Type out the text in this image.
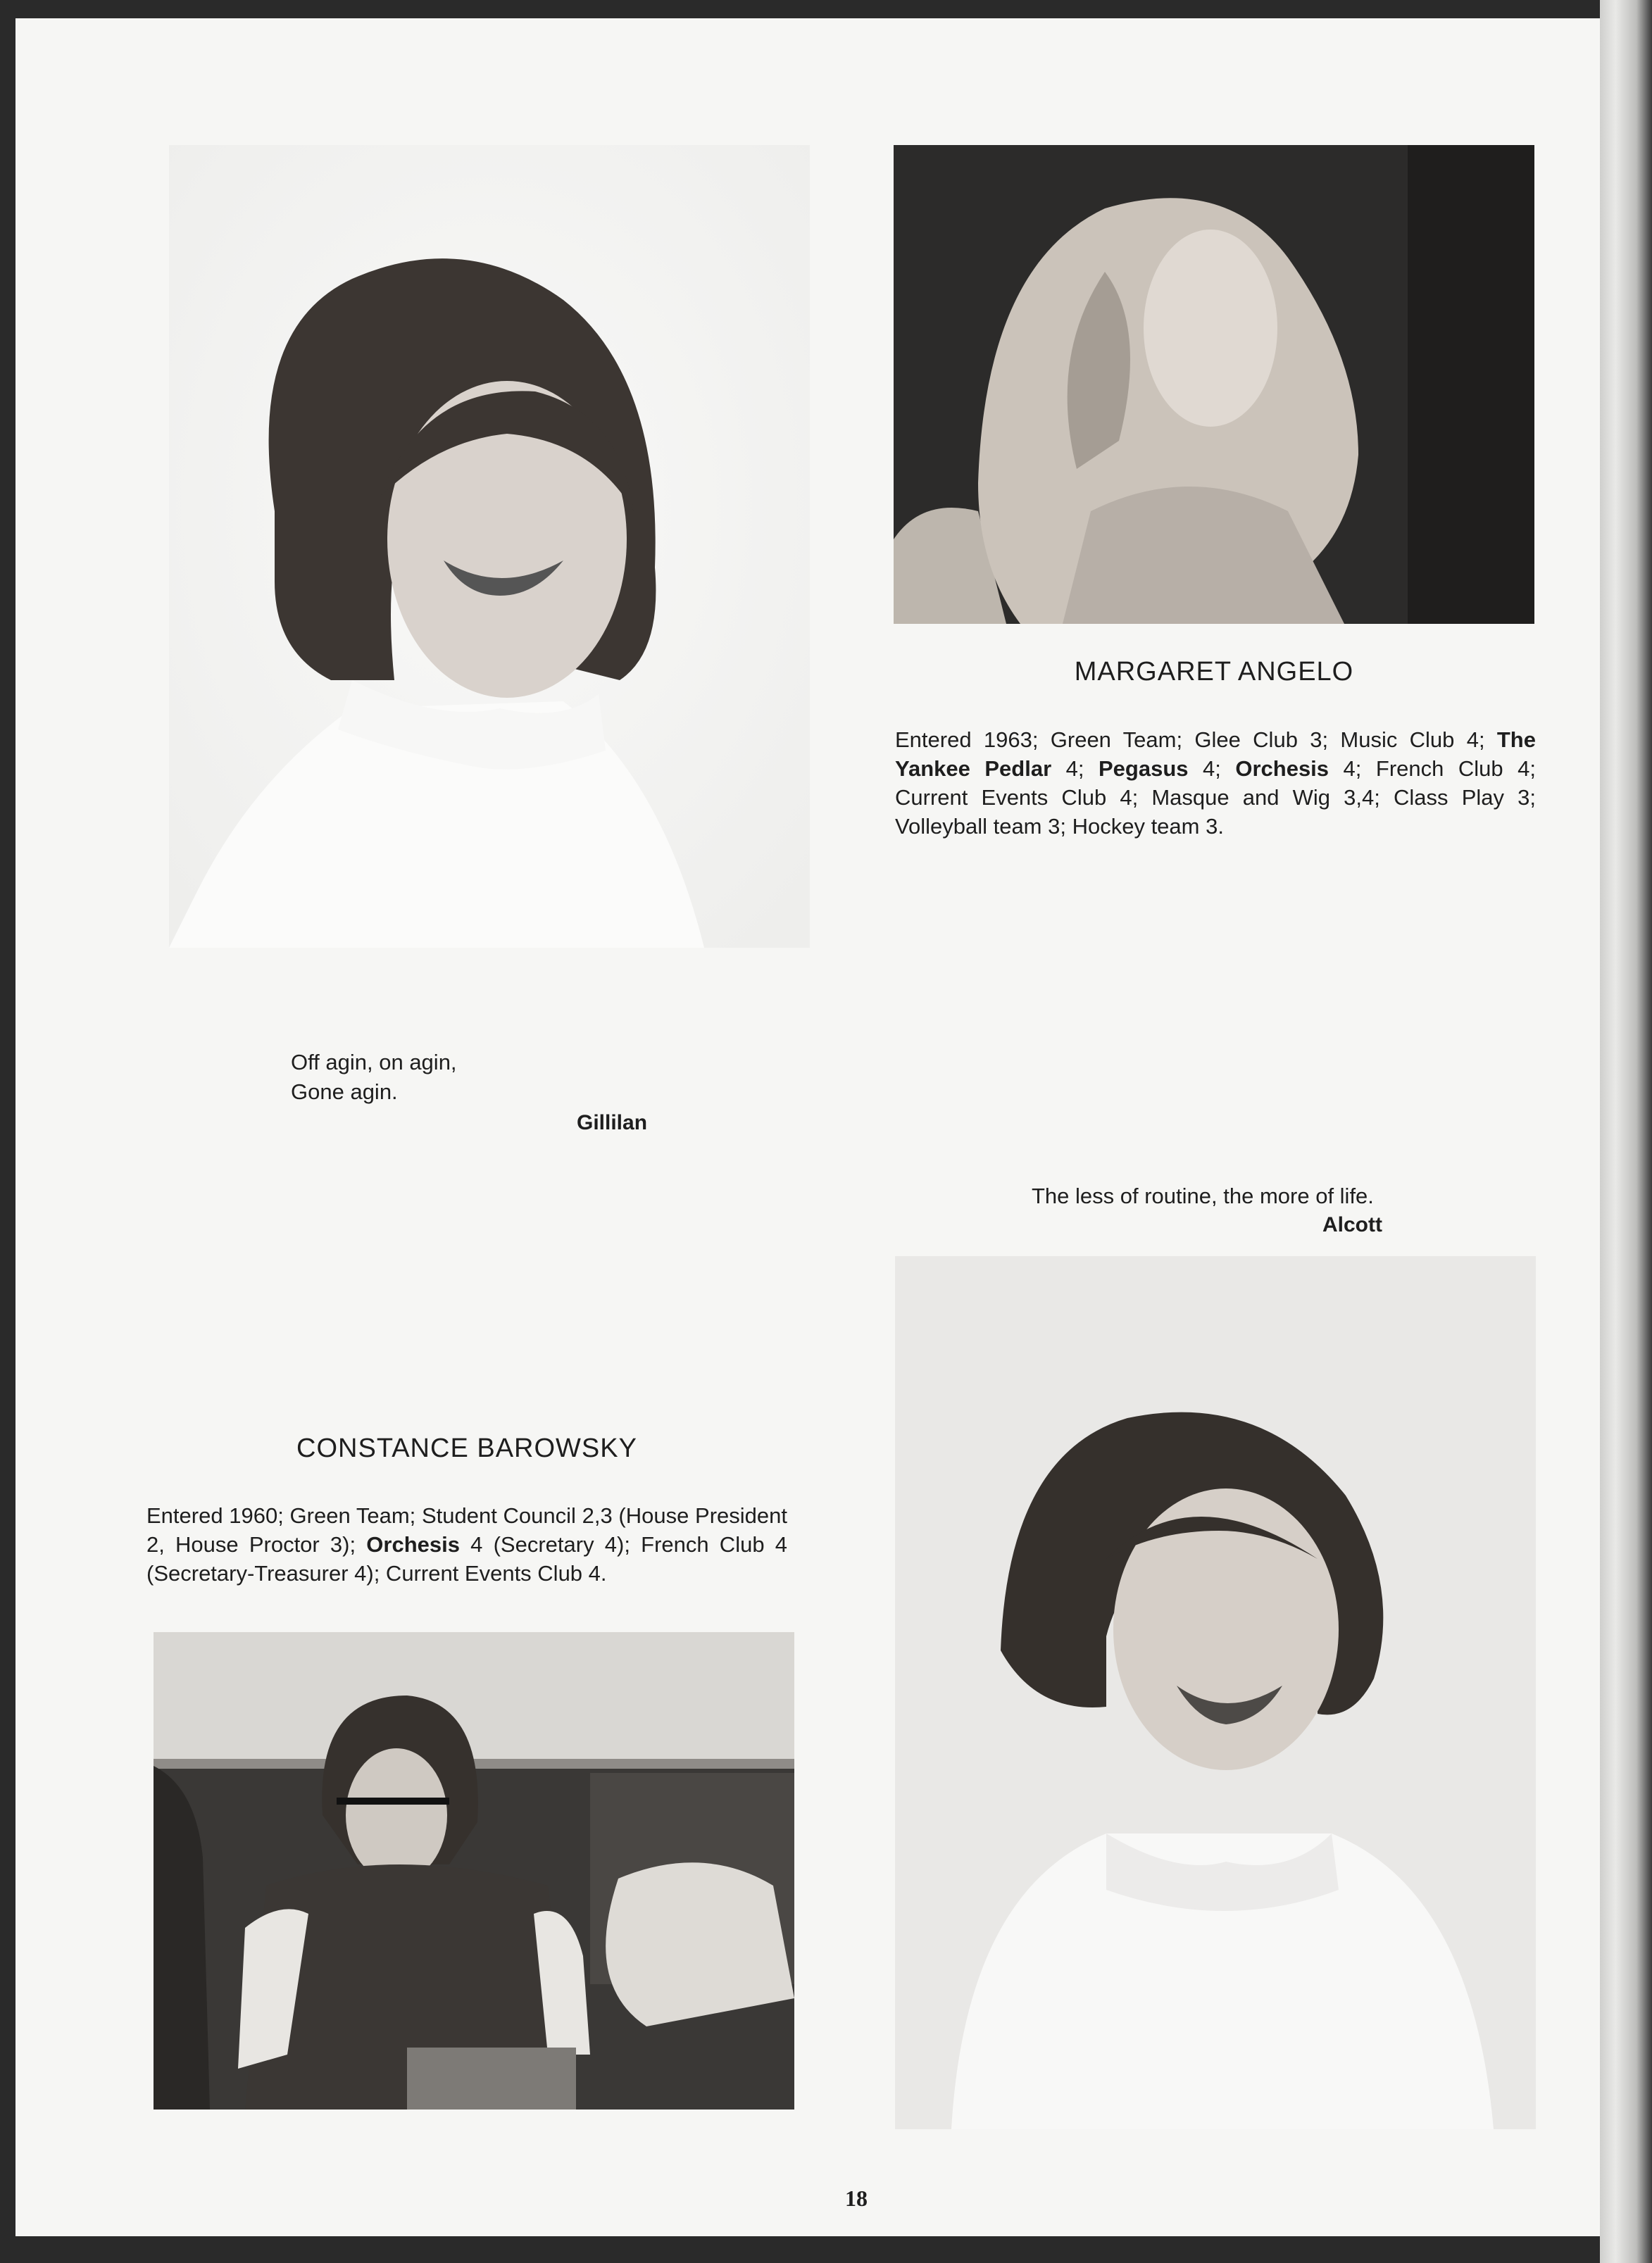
MARGARET ANGELO

Entered 1963; Green Team; Glee Club 3; Music Club 4; The Yankee Pedlar 4; Pegasus 4; Orchesis 4; French Club 4; Current Events Club 4; Masque and Wig 3,4; Class Play 3; Volleyball team 3; Hockey team 3.

Off agin, on agin,
Gone agin.

Gillilan

The less of routine, the more of life.

Alcott
CONSTANCE BAROWSKY

Entered 1960; Green Team; Student Council 2,3 (House President 2, House Proctor 3); Orchesis 4 (Secretary 4); French Club 4 (Secretary-Treasurer 4); Current Events Club 4.

18
